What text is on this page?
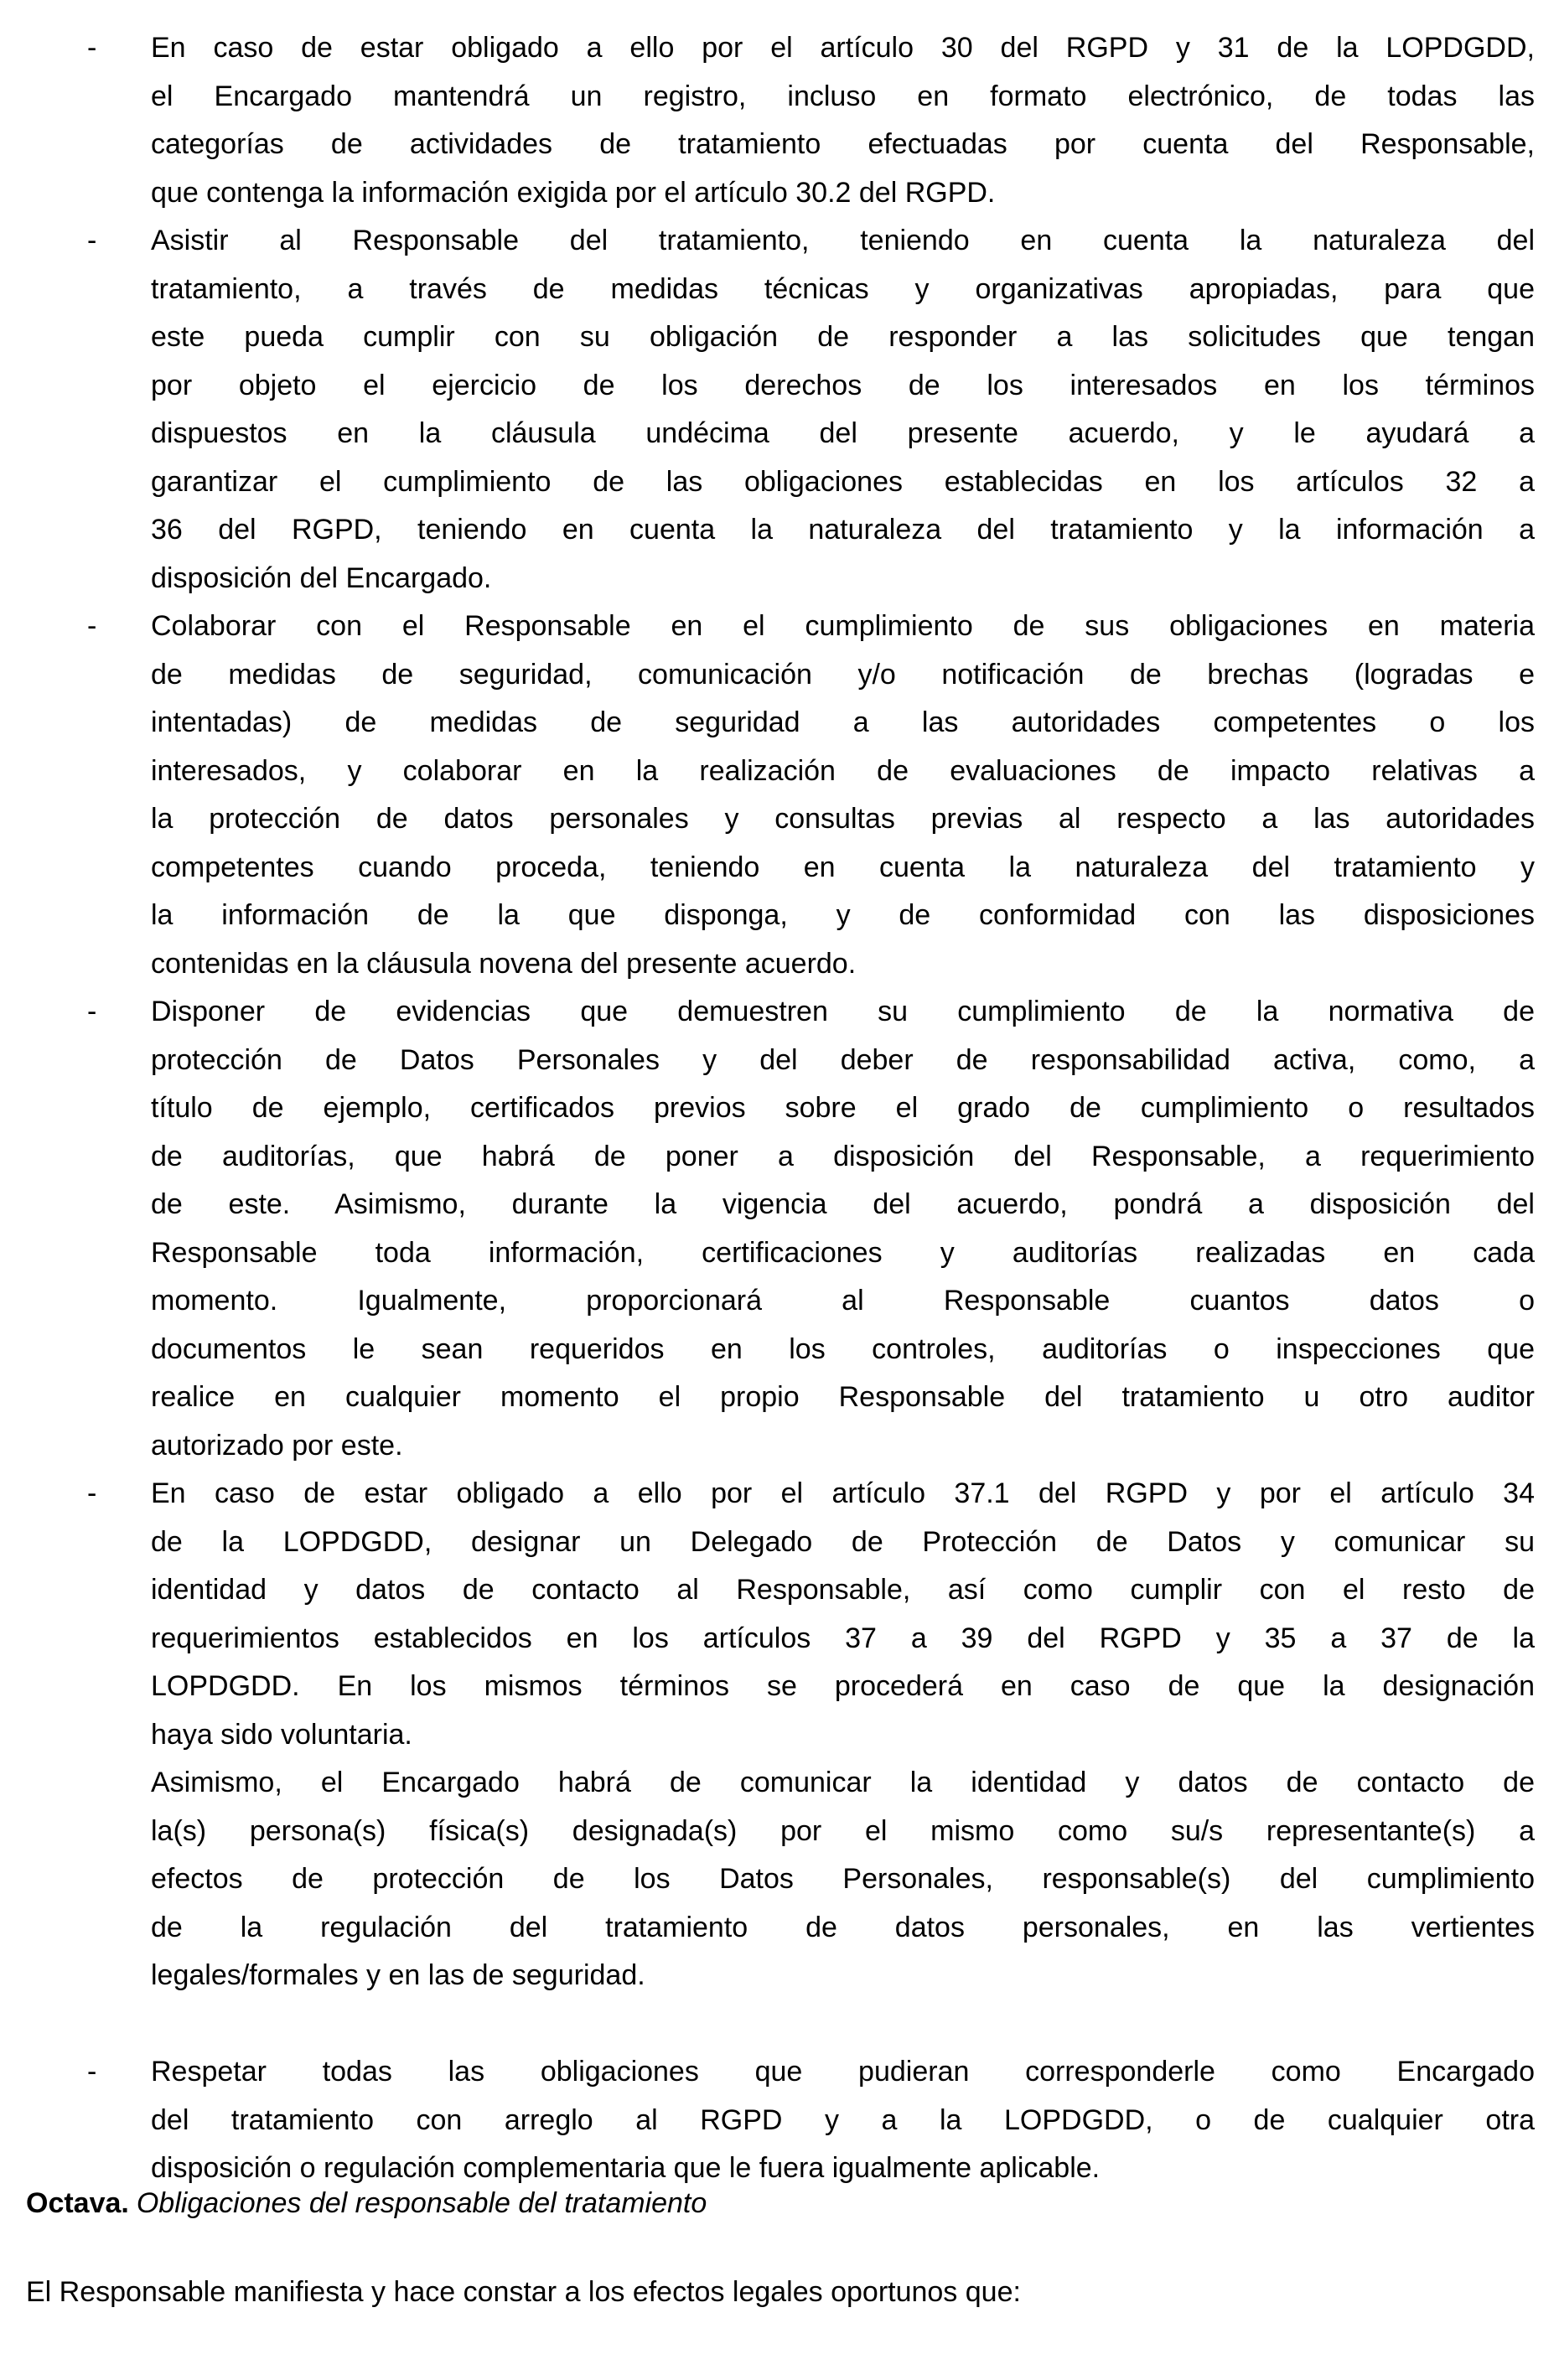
- En caso de estar obligado a ello por el artículo 30 del RGPD y 31 de la LOPDGDD,
el Encargado mantendrá un registro, incluso en formato electrónico, de todas las
categorías de actividades de tratamiento efectuadas por cuenta del Responsable,
que contenga la información exigida por el artículo 30.2 del RGPD.
- Asistir al Responsable del tratamiento, teniendo en cuenta la naturaleza del
tratamiento, a través de medidas técnicas y organizativas apropiadas, para que
este pueda cumplir con su obligación de responder a las solicitudes que tengan
por objeto el ejercicio de los derechos de los interesados en los términos
dispuestos en la cláusula undécima del presente acuerdo, y le ayudará a
garantizar el cumplimiento de las obligaciones establecidas en los artículos 32 a
36 del RGPD, teniendo en cuenta la naturaleza del tratamiento y la información a
disposición del Encargado.
- Colaborar con el Responsable en el cumplimiento de sus obligaciones en materia
de medidas de seguridad, comunicación y/o notificación de brechas (logradas e
intentadas) de medidas de seguridad a las autoridades competentes o los
interesados, y colaborar en la realización de evaluaciones de impacto relativas a
la protección de datos personales y consultas previas al respecto a las autoridades
competentes cuando proceda, teniendo en cuenta la naturaleza del tratamiento y
la información de la que disponga, y de conformidad con las disposiciones
contenidas en la cláusula novena del presente acuerdo.
- Disponer de evidencias que demuestren su cumplimiento de la normativa de
protección de Datos Personales y del deber de responsabilidad activa, como, a
título de ejemplo, certificados previos sobre el grado de cumplimiento o resultados
de auditorías, que habrá de poner a disposición del Responsable, a requerimiento
de este. Asimismo, durante la vigencia del acuerdo, pondrá a disposición del
Responsable toda información, certificaciones y auditorías realizadas en cada
momento. Igualmente, proporcionará al Responsable cuantos datos o
documentos le sean requeridos en los controles, auditorías o inspecciones que
realice en cualquier momento el propio Responsable del tratamiento u otro auditor
autorizado por este.
- En caso de estar obligado a ello por el artículo 37.1 del RGPD y por el artículo 34
de la LOPDGDD, designar un Delegado de Protección de Datos y comunicar su
identidad y datos de contacto al Responsable, así como cumplir con el resto de
requerimientos establecidos en los artículos 37 a 39 del RGPD y 35 a 37 de la
LOPDGDD. En los mismos términos se procederá en caso de que la designación
haya sido voluntaria.
Asimismo, el Encargado habrá de comunicar la identidad y datos de contacto de
la(s) persona(s) física(s) designada(s) por el mismo como su/s representante(s) a
efectos de protección de los Datos Personales, responsable(s) del cumplimiento
de la regulación del tratamiento de datos personales, en las vertientes
legales/formales y en las de seguridad.
- Respetar todas las obligaciones que pudieran corresponderle como Encargado
del tratamiento con arreglo al RGPD y a la LOPDGDD, o de cualquier otra
disposición o regulación complementaria que le fuera igualmente aplicable.
Octava. Obligaciones del responsable del tratamiento
El Responsable manifiesta y hace constar a los efectos legales oportunos que:
